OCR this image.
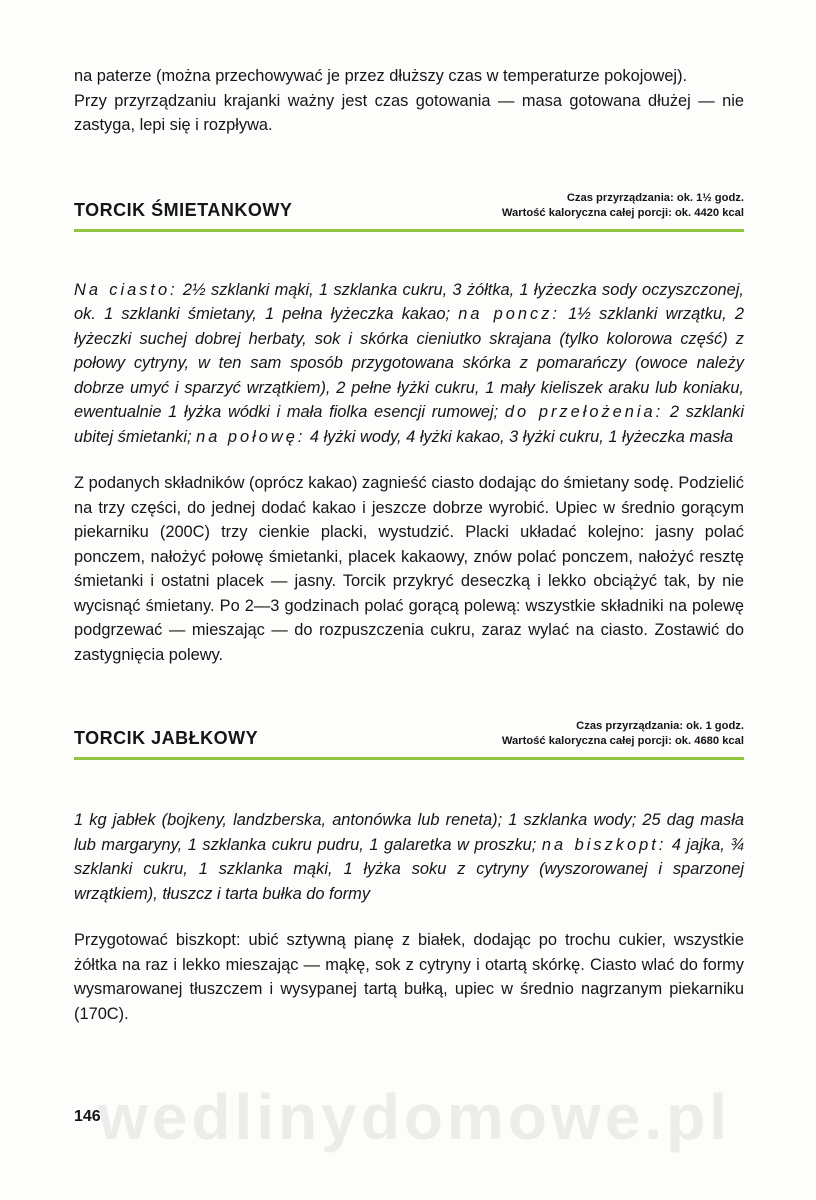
wedlinydomowe.pl

na paterze (można przechowywać je przez dłuższy czas w temperaturze pokojowej).

Przy przyrządzaniu krajanki ważny jest czas gotowania — masa gotowana dłużej — nie zastyga, lepi się i rozpływa.

TORCIK ŚMIETANKOWY
Czas przyrządzania: ok. 1½ godz.
Wartość kaloryczna całej porcji: ok. 4420 kcal

Na ciasto: 2½ szklanki mąki, 1 szklanka cukru, 3 żółtka, 1 łyżeczka sody oczyszczonej, ok. 1 szklanki śmietany, 1 pełna łyżeczka kakao; na poncz: 1½ szklanki wrzątku, 2 łyżeczki suchej dobrej herbaty, sok i skórka cieniutko skrajana (tylko kolorowa część) z połowy cytryny, w ten sam sposób przygotowana skórka z pomarańczy (owoce należy dobrze umyć i sparzyć wrzątkiem), 2 pełne łyżki cukru, 1 mały kieliszek araku lub koniaku, ewentualnie 1 łyżka wódki i mała fiolka esencji rumowej; do przełożenia: 2 szklanki ubitej śmietanki; na połowę: 4 łyżki wody, 4 łyżki kakao, 3 łyżki cukru, 1 łyżeczka masła

Z podanych składników (oprócz kakao) zagnieść ciasto dodając do śmietany sodę. Podzielić na trzy części, do jednej dodać kakao i jeszcze dobrze wyrobić. Upiec w średnio gorącym piekarniku (200C) trzy cienkie placki, wystudzić. Placki układać kolejno: jasny polać ponczem, nałożyć połowę śmietanki, placek kakaowy, znów polać ponczem, nałożyć resztę śmietanki i ostatni placek — jasny. Torcik przykryć deseczką i lekko obciążyć tak, by nie wycisnąć śmietany. Po 2—3 godzinach polać gorącą polewą: wszystkie składniki na polewę podgrzewać — mieszając — do rozpuszczenia cukru, zaraz wylać na ciasto. Zostawić do zastygnięcia polewy.

TORCIK JABŁKOWY
Czas przyrządzania: ok. 1 godz.
Wartość kaloryczna całej porcji: ok. 4680 kcal

1 kg jabłek (bojkeny, landzberska, antonówka lub reneta); 1 szklanka wody; 25 dag masła lub margaryny, 1 szklanka cukru pudru, 1 galaretka w proszku; na biszkopt: 4 jajka, ¾ szklanki cukru, 1 szklanka mąki, 1 łyżka soku z cytryny (wyszorowanej i sparzonej wrzątkiem), tłuszcz i tarta bułka do formy

Przygotować biszkopt: ubić sztywną pianę z białek, dodając po trochu cukier, wszystkie żółtka na raz i lekko mieszając — mąkę, sok z cytryny i otartą skórkę. Ciasto wlać do formy wysmarowanej tłuszczem i wysypanej tartą bułką, upiec w średnio nagrzanym piekarniku (170C).

146
